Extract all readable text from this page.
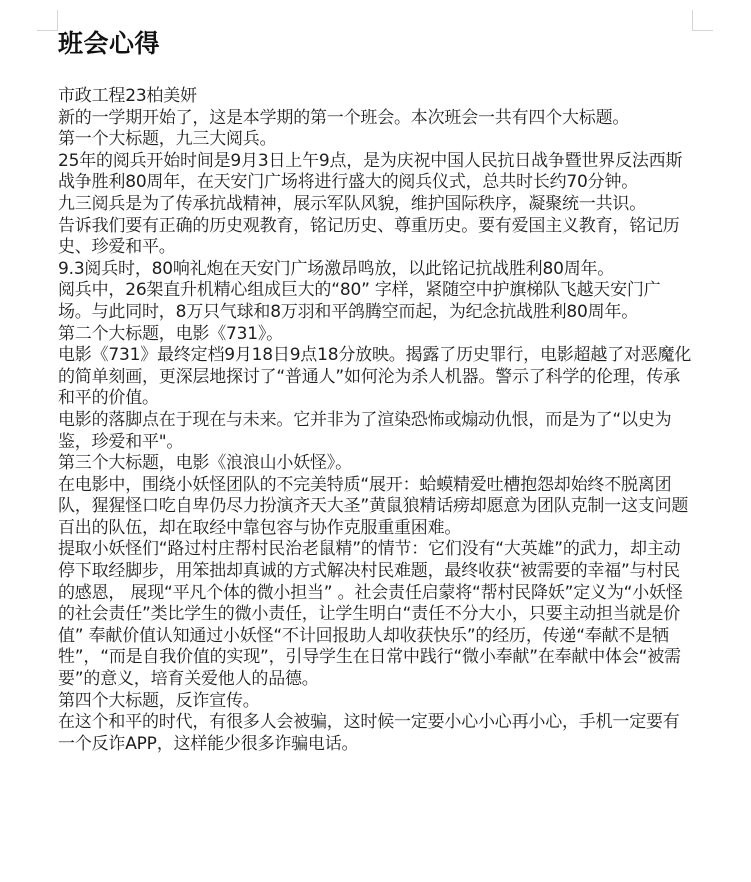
班会心得

市政工程23柏美妍

新的一学期开始了，这是本学期的第一个班会。本次班会一共有四个大标题。

第一个大标题，九三大阅兵。

25年的阅兵开始时间是9月3日上午9点，是为庆祝中国人民抗日战争暨世界反法西斯战争胜利80周年，在天安门广场将进行盛大的阅兵仪式，总共时长约70分钟。

九三阅兵是为了传承抗战精神，展示军队风貌，维护国际秩序，凝聚统一共识。

告诉我们要有正确的历史观教育，铭记历史、尊重历史。要有爱国主义教育，铭记历史、珍爱和平。

9.3阅兵时，80响礼炮在天安门广场激昂鸣放，以此铭记抗战胜利80周年。

阅兵中，26架直升机精心组成巨大的“80” 字样，紧随空中护旗梯队飞越天安门广场。与此同时，8万只气球和8万羽和平鸽腾空而起，为纪念抗战胜利80周年。

第二个大标题，电影《731》。

电影《731》最终定档9月18日9点18分放映。揭露了历史罪行，电影超越了对恶魔化的简单刻画，更深层地探讨了“普通人”如何沦为杀人机器。警示了科学的伦理，传承和平的价值。

电影的落脚点在于现在与未来。它并非为了渲染恐怖或煽动仇恨，而是为了“以史为鉴，珍爱和平"。

第三个大标题，电影《浪浪山小妖怪》。

在电影中，围绕小妖怪团队的不完美特质“展开：蛤蟆精爱吐槽抱怨却始终不脱离团队，猩猩怪口吃自卑仍尽力扮演齐天大圣”黄鼠狼精话痨却愿意为团队克制一这支问题百出的队伍，却在取经中靠包容与协作克服重重困难。

提取小妖怪们“路过村庄帮村民治老鼠精”的情节：它们没有“大英雄”的武力，却主动停下取经脚步，用笨拙却真诚的方式解决村民难题，最终收获“被需要的幸福”与村民的感恩， 展现“平凡个体的微小担当” 。社会责任启蒙将“帮村民降妖”定义为“小妖怪的社会责任”类比学生的微小责任，让学生明白“责任不分大小，只要主动担当就是价值” 奉献价值认知通过小妖怪“不计回报助人却收获快乐”的经历，传递“奉献不是牺牲”，“而是自我价值的实现”，引导学生在日常中践行“微小奉献”在奉献中体会“被需要”的意义，培育关爱他人的品德。

第四个大标题，反诈宣传。

在这个和平的时代，有很多人会被骗，这时候一定要小心小心再小心，手机一定要有一个反诈APP，这样能少很多诈骗电话。
